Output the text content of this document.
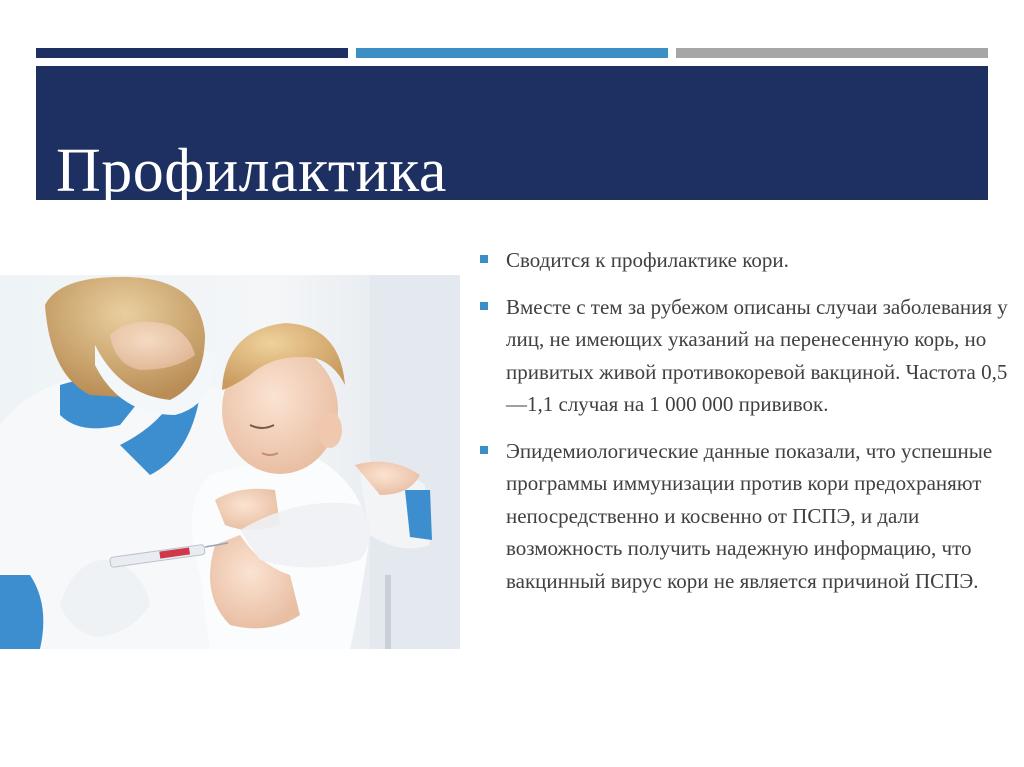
Профилактика
Сводится к профилактике кори.
Вместе с тем за рубежом описаны случаи заболевания у лиц, не имеющих указаний на перенесенную корь, но привитых живой противокоревой вакциной. Частота 0,5—1,1 случая на 1 000 000 прививок.
Эпидемиологические данные показали, что успешные программы иммунизации против кори предохраняют непосредственно и косвенно от ПСПЭ, и дали возможность получить надежную информацию, что вакцинный вирус кори не является причиной ПСПЭ.
